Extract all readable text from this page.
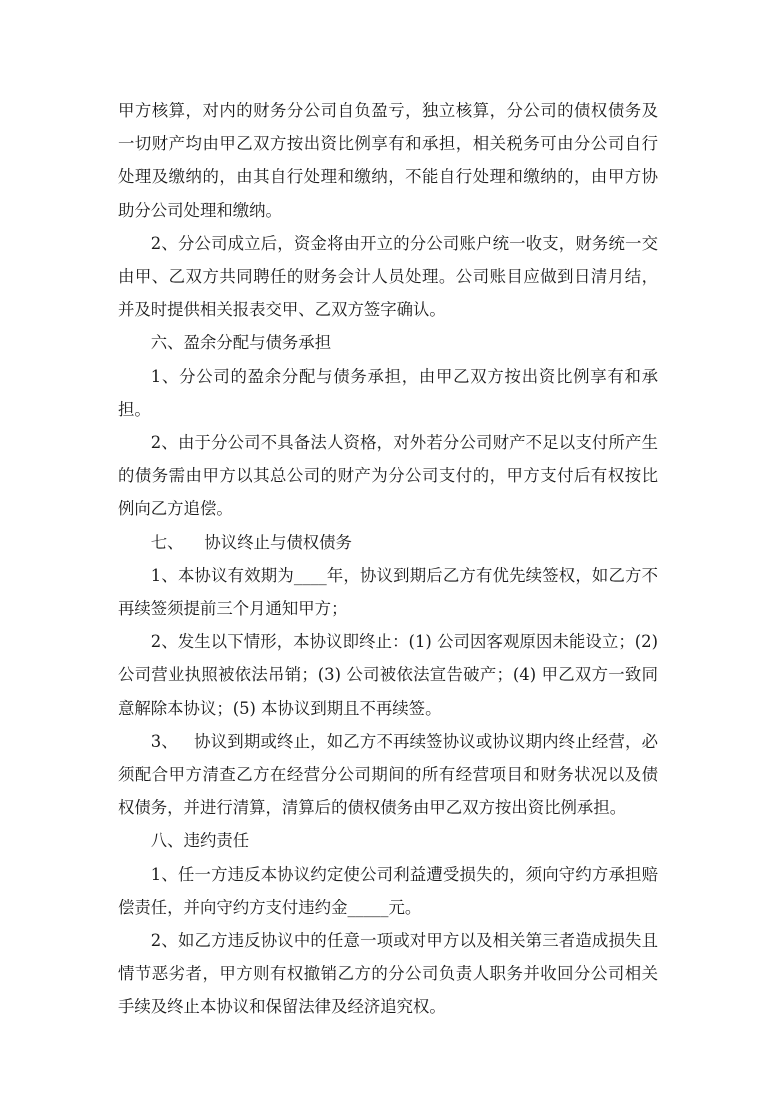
甲方核算，对内的财务分公司自负盈亏，独立核算，分公司的债权债务及一切财产均由甲乙双方按出资比例享有和承担，相关税务可由分公司自行处理及缴纳的，由其自行处理和缴纳，不能自行处理和缴纳的，由甲方协助分公司处理和缴纳。

2、分公司成立后，资金将由开立的分公司账户统一收支，财务统一交由甲、乙双方共同聘任的财务会计人员处理。公司账目应做到日清月结，并及时提供相关报表交甲、乙双方签字确认。

六、盈余分配与债务承担

1、分公司的盈余分配与债务承担，由甲乙双方按出资比例享有和承担。

2、由于分公司不具备法人资格，对外若分公司财产不足以支付所产生的债务需由甲方以其总公司的财产为分公司支付的，甲方支付后有权按比例向乙方追偿。

七、    协议终止与债权债务

1、本协议有效期为____年，协议到期后乙方有优先续签权，如乙方不再续签须提前三个月通知甲方；

2、发生以下情形，本协议即终止：(1) 公司因客观原因未能设立；(2) 公司营业执照被依法吊销；(3) 公司被依法宣告破产；(4) 甲乙双方一致同意解除本协议；(5) 本协议到期且不再续签。

3、   协议到期或终止，如乙方不再续签协议或协议期内终止经营，必须配合甲方清查乙方在经营分公司期间的所有经营项目和财务状况以及债权债务，并进行清算，清算后的债权债务由甲乙双方按出资比例承担。

八、违约责任

1、任一方违反本协议约定使公司利益遭受损失的，须向守约方承担赔偿责任，并向守约方支付违约金_____元。

2、如乙方违反协议中的任意一项或对甲方以及相关第三者造成损失且情节恶劣者，甲方则有权撤销乙方的分公司负责人职务并收回分公司相关手续及终止本协议和保留法律及经济追究权。
